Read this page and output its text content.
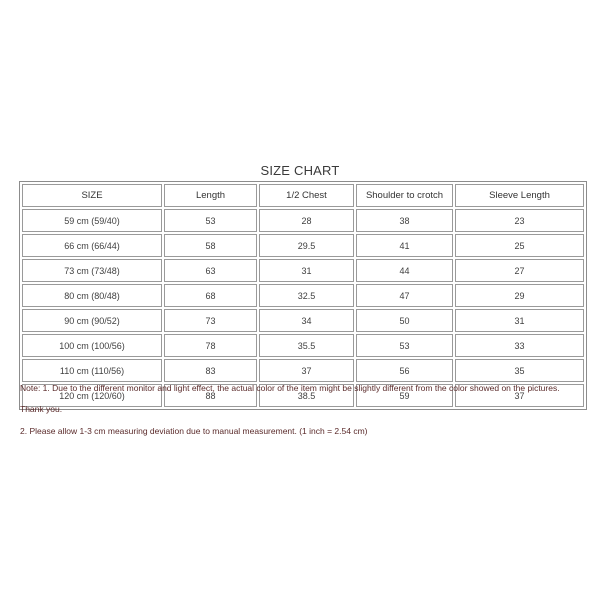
SIZE CHART
SIZE	Length	1/2 Chest	Shoulder to crotch	Sleeve Length
59 cm (59/40)	53	28	38	23
66 cm (66/44)	58	29.5	41	25
73 cm (73/48)	63	31	44	27
80 cm (80/48)	68	32.5	47	29
90 cm (90/52)	73	34	50	31
100 cm (100/56)	78	35.5	53	33
110 cm (110/56)	83	37	56	35
120 cm (120/60)	88	38.5	59	37
Note: 1. Due to the different monitor and light effect, the actual color of the item might be slightly different from the color showed on the pictures.
Thank you.
2. Please allow 1-3 cm measuring deviation due to manual measurement. (1 inch = 2.54 cm)
